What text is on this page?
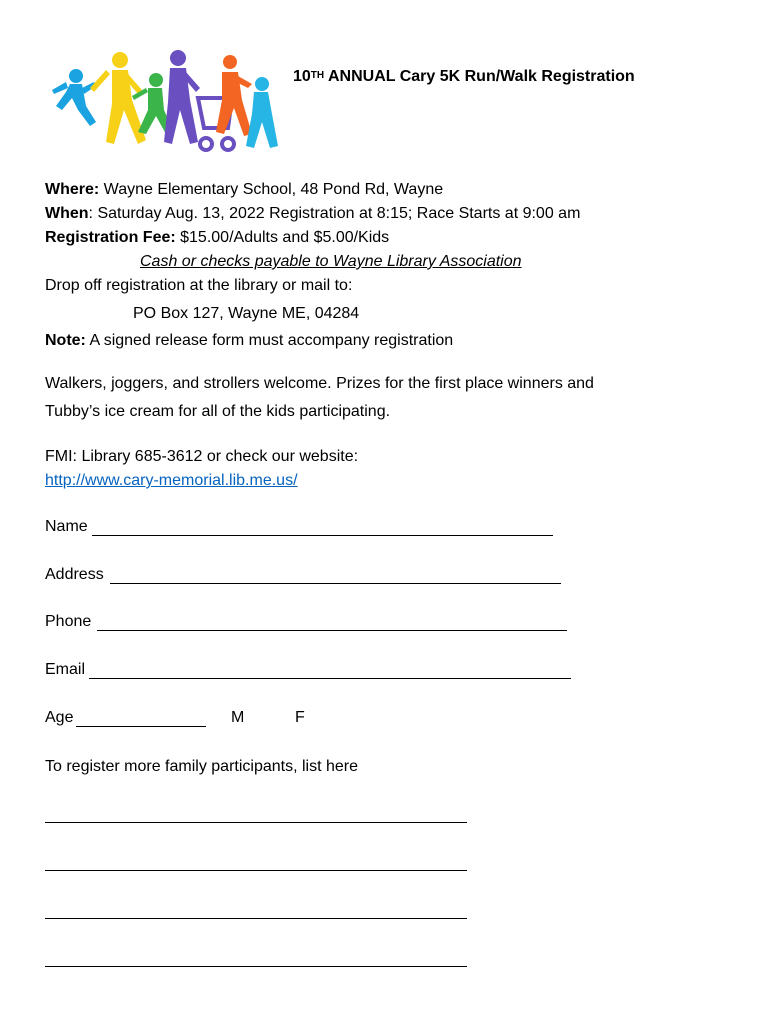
10TH ANNUAL Cary 5K Run/Walk Registration
Where: Wayne Elementary School, 48 Pond Rd, Wayne
When: Saturday Aug. 13, 2022 Registration at 8:15; Race Starts at 9:00 am
Registration Fee: $15.00/Adults and $5.00/Kids
Cash or checks payable to Wayne Library Association
Drop off registration at the library or mail to:
PO Box 127, Wayne ME, 04284
Note: A signed release form must accompany registration
Walkers, joggers, and strollers welcome. Prizes for the first place winners and
Tubby’s ice cream for all of the kids participating.
FMI: Library 685-3612 or check our website:
http://www.cary-memorial.lib.me.us/
Name
Address
Phone
Email
Age	M	F
To register more family participants, list here
